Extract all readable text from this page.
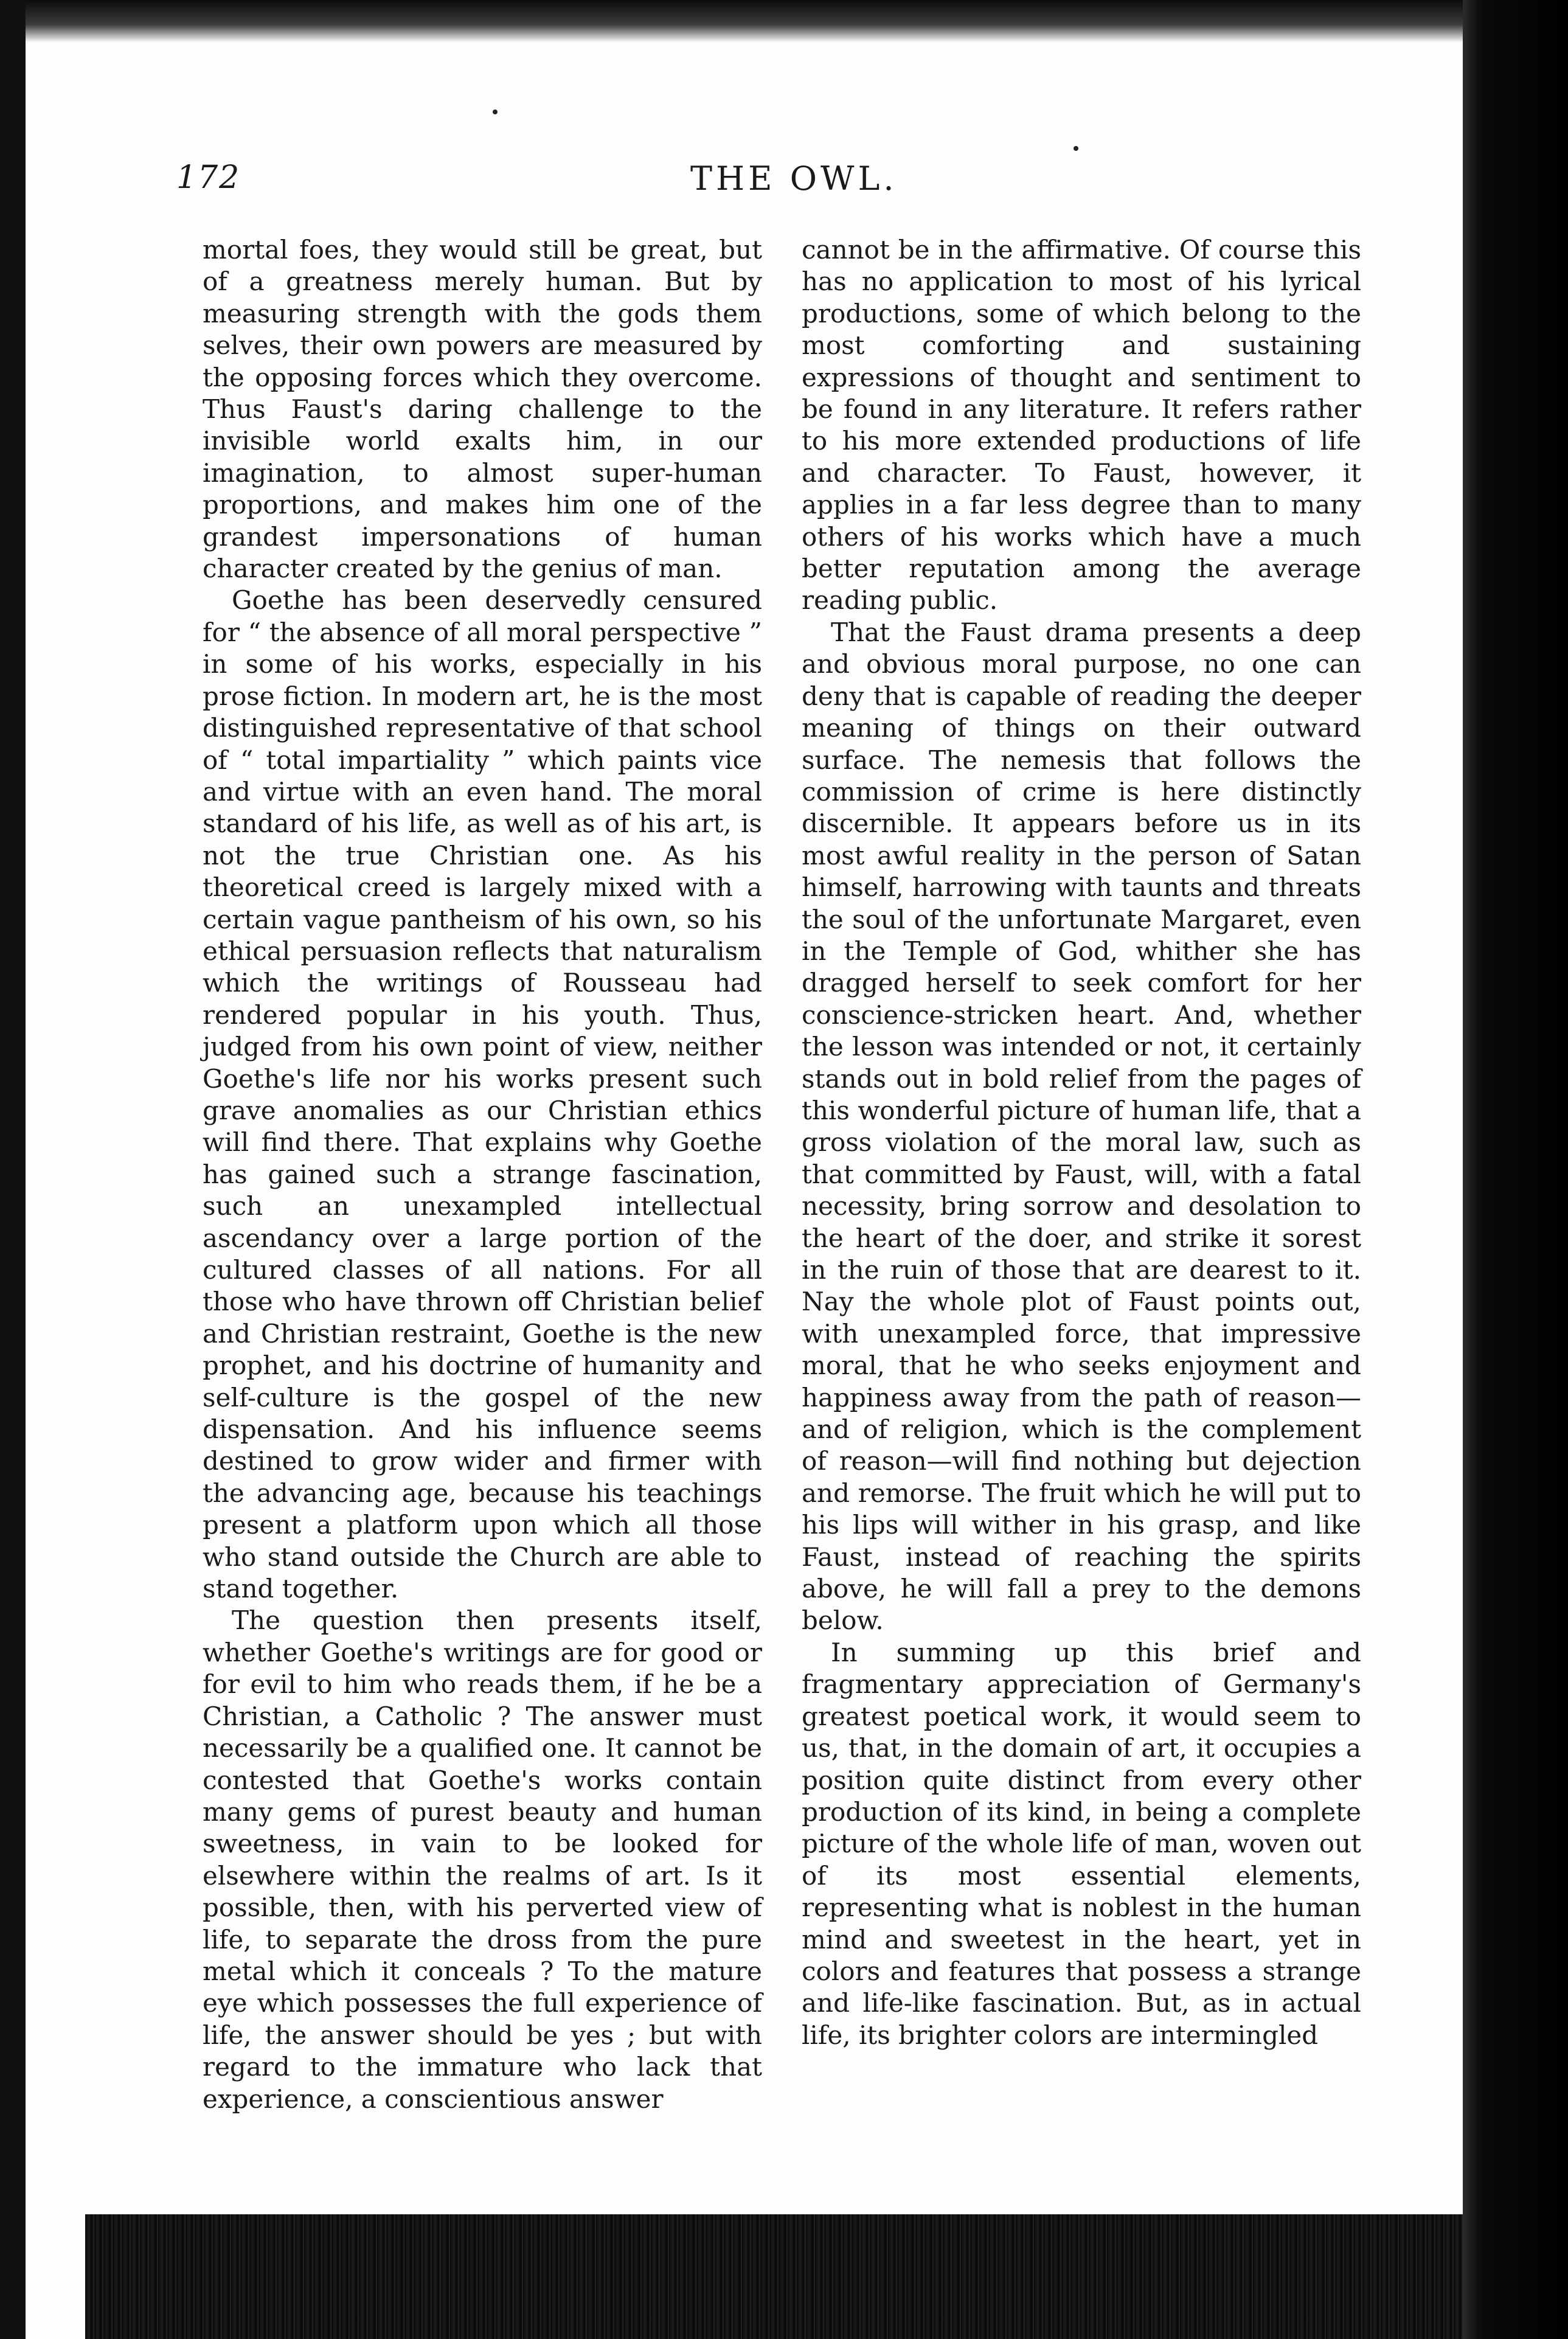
172	THE OWL.

mortal foes, they would still be great, but of a greatness merely human. But by measuring strength with the gods them selves, their own powers are measured by the opposing forces which they overcome. Thus Faust's daring challenge to the invisible world exalts him, in our imagination, to almost super-human proportions, and makes him one of the grandest impersonations of human character created by the genius of man.

Goethe has been deservedly censured for “ the absence of all moral perspective ” in some of his works, especially in his prose fiction. In modern art, he is the most distinguished representative of that school of “ total impartiality ” which paints vice and virtue with an even hand. The moral standard of his life, as well as of his art, is not the true Christian one. As his theoretical creed is largely mixed with a certain vague pantheism of his own, so his ethical persuasion reflects that naturalism which the writings of Rousseau had rendered popular in his youth. Thus, judged from his own point of view, neither Goethe's life nor his works present such grave anomalies as our Christian ethics will find there. That explains why Goethe has gained such a strange fascination, such an unexampled intellectual ascendancy over a large portion of the cultured classes of all nations. For all those who have thrown off Christian belief and Christian restraint, Goethe is the new prophet, and his doctrine of humanity and self-culture is the gospel of the new dispensation. And his influence seems destined to grow wider and firmer with the advancing age, because his teachings present a platform upon which all those who stand outside the Church are able to stand together.

The question then presents itself, whether Goethe's writings are for good or for evil to him who reads them, if he be a Christian, a Catholic ? The answer must necessarily be a qualified one. It cannot be contested that Goethe's works contain many gems of purest beauty and human sweetness, in vain to be looked for elsewhere within the realms of art. Is it possible, then, with his perverted view of life, to separate the dross from the pure metal which it conceals ? To the mature eye which possesses the full experience of life, the answer should be yes ; but with regard to the immature who lack that experience, a conscientious answer

cannot be in the affirmative. Of course this has no application to most of his lyrical productions, some of which belong to the most comforting and sustaining expressions of thought and sentiment to be found in any literature. It refers rather to his more extended productions of life and character. To Faust, however, it applies in a far less degree than to many others of his works which have a much better reputation among the average reading public.

That the Faust drama presents a deep and obvious moral purpose, no one can deny that is capable of reading the deeper meaning of things on their outward surface. The nemesis that follows the commission of crime is here distinctly discernible. It appears before us in its most awful reality in the person of Satan himself, harrowing with taunts and threats the soul of the unfortunate Margaret, even in the Temple of God, whither she has dragged herself to seek comfort for her conscience-stricken heart. And, whether the lesson was intended or not, it certainly stands out in bold relief from the pages of this wonderful picture of human life, that a gross violation of the moral law, such as that committed by Faust, will, with a fatal necessity, bring sorrow and desolation to the heart of the doer, and strike it sorest in the ruin of those that are dearest to it. Nay the whole plot of Faust points out, with unexampled force, that impressive moral, that he who seeks enjoyment and happiness away from the path of reason—and of religion, which is the complement of reason—will find nothing but dejection and remorse. The fruit which he will put to his lips will wither in his grasp, and like Faust, instead of reaching the spirits above, he will fall a prey to the demons below.

In summing up this brief and fragmentary appreciation of Germany's greatest poetical work, it would seem to us, that, in the domain of art, it occupies a position quite distinct from every other production of its kind, in being a complete picture of the whole life of man, woven out of its most essential elements, representing what is noblest in the human mind and sweetest in the heart, yet in colors and features that possess a strange and life-like fascination. But, as in actual life, its brighter colors are intermingled
